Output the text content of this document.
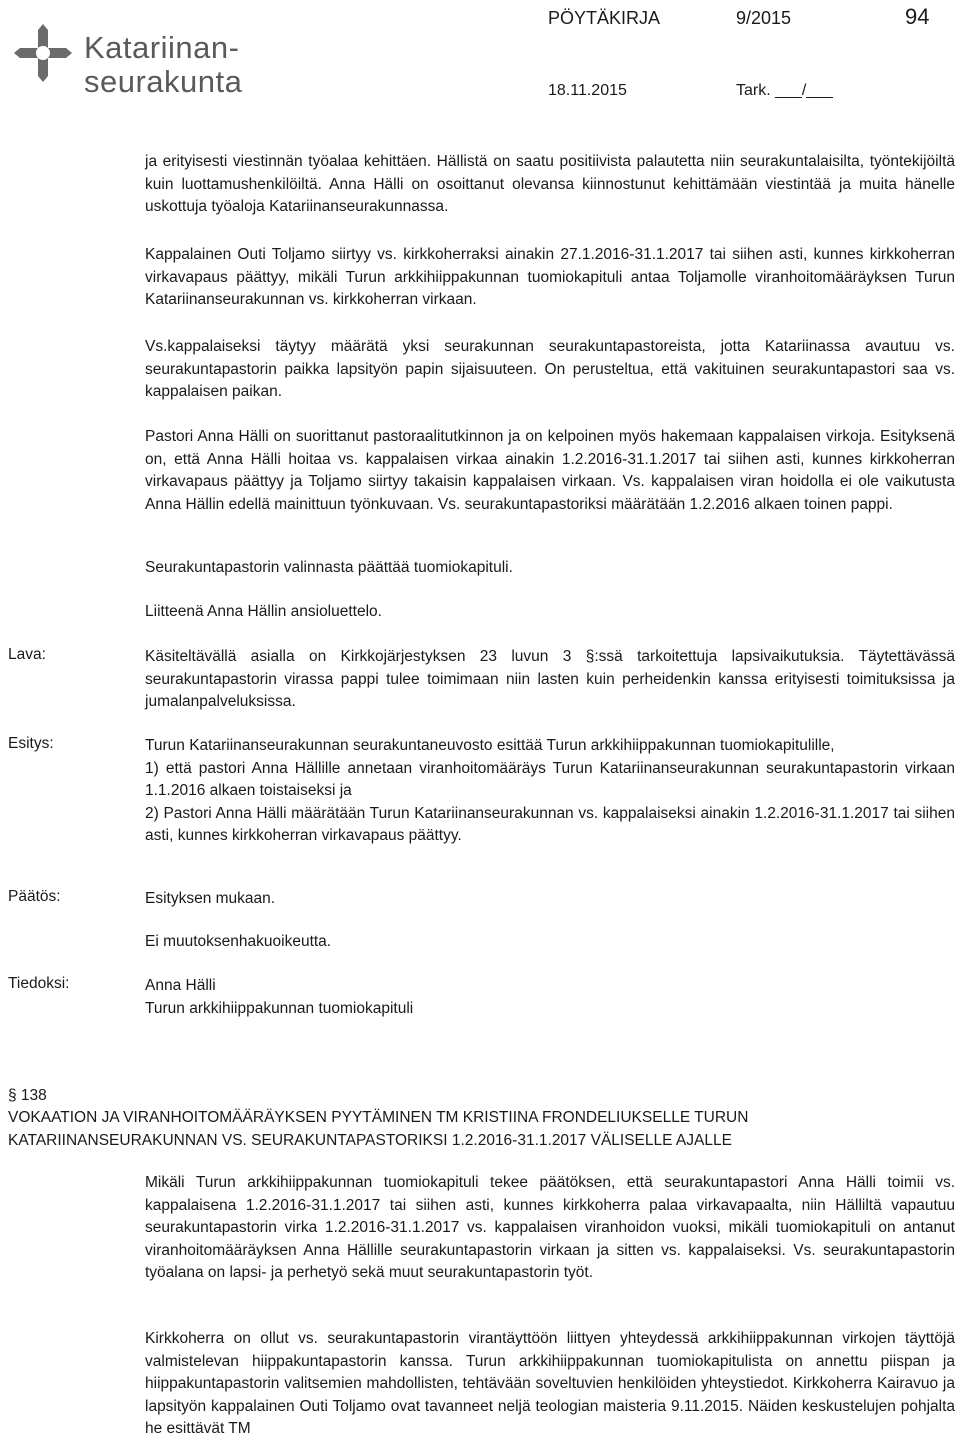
Katariinan-
seurakunta
PÖYTÄKIRJA	9/2015	94
18.11.2015	Tark. ___/___

ja erityisesti viestinnän työalaa kehittäen. Hällistä on saatu positiivista palautetta niin seurakuntalaisilta, työntekijöiltä kuin luottamushenkilöiltä. Anna Hälli on osoittanut olevansa kiinnostunut kehittämään viestintää ja muita hänelle uskottuja työaloja Katariinanseurakunnassa.

Kappalainen Outi Toljamo siirtyy vs. kirkkoherraksi ainakin 27.1.2016-31.1.2017 tai siihen asti, kunnes kirkkoherran virkavapaus päättyy, mikäli Turun arkkihiippakunnan tuomiokapituli antaa Toljamolle viranhoitomääräyksen Turun Katariinanseurakunnan vs. kirkkoherran virkaan.

Vs.kappalaiseksi täytyy määrätä yksi seurakunnan seurakuntapastoreista, jotta Katariinassa avautuu vs. seurakuntapastorin paikka lapsityön papin sijaisuuteen. On perusteltua, että vakituinen seurakuntapastori saa vs. kappalaisen paikan.

Pastori Anna Hälli on suorittanut pastoraalitutkinnon ja on kelpoinen myös hakemaan kappalaisen virkoja. Esityksenä on, että Anna Hälli hoitaa vs. kappalaisen virkaa ainakin 1.2.2016-31.1.2017 tai siihen asti, kunnes kirkkoherran virkavapaus päättyy ja Toljamo siirtyy takaisin kappalaisen virkaan. Vs. kappalaisen viran hoidolla ei ole vaikutusta Anna Hällin edellä mainittuun työnkuvaan. Vs. seurakuntapastoriksi määrätään 1.2.2016 alkaen toinen pappi.

Seurakuntapastorin valinnasta päättää tuomiokapituli.

Liitteenä Anna Hällin ansioluettelo.

Lava:	Käsiteltävällä asialla on Kirkkojärjestyksen 23 luvun 3 §:ssä tarkoitettuja lapsivaikutuksia. Täytettävässä seurakuntapastorin virassa pappi tulee toimimaan niin lasten kuin perheidenkin kanssa erityisesti toimituksissa ja jumalanpalveluksissa.

Esitys:	Turun Katariinanseurakunnan seurakuntaneuvosto esittää Turun arkkihiippakunnan tuomiokapitulille,

1) että pastori Anna Hällille annetaan viranhoitomääräys Turun Katariinanseurakunnan seurakuntapastorin virkaan 1.1.2016 alkaen toistaiseksi ja

2) Pastori Anna Hälli määrätään Turun Katariinanseurakunnan vs. kappalaiseksi ainakin 1.2.2016-31.1.2017 tai siihen asti, kunnes kirkkoherran virkavapaus päättyy.

Päätös:	Esityksen mukaan.
Ei muutoksenhakuoikeutta.
Tiedoksi:	Anna Hälli
Turun arkkihiippakunnan tuomiokapituli
§ 138
VOKAATION JA VIRANHOITOMÄÄRÄYKSEN PYYTÄMINEN TM KRISTIINA FRONDELIUKSELLE TURUN KATARIINANSEURAKUNNAN VS. SEURAKUNTAPASTORIKSI 1.2.2016-31.1.2017 VÄLISELLE AJALLE

Mikäli Turun arkkihiippakunnan tuomiokapituli tekee päätöksen, että seurakuntapastori Anna Hälli toimii vs. kappalaisena 1.2.2016-31.1.2017 tai siihen asti, kunnes kirkkoherra palaa virkavapaalta, niin Hälliltä vapautuu seurakuntapastorin virka 1.2.2016-31.1.2017 vs. kappalaisen viranhoidon vuoksi, mikäli tuomiokapituli on antanut viranhoitomääräyksen Anna Hällille seurakuntapastorin virkaan ja sitten vs. kappalaiseksi. Vs. seurakuntapastorin työalana on lapsi- ja perhetyö sekä muut seurakuntapastorin työt.

Kirkkoherra on ollut vs. seurakuntapastorin virantäyttöön liittyen yhteydessä arkkihiippakunnan virkojen täyttöjä valmistelevan hiippakuntapastorin kanssa. Turun arkkihiippakunnan tuomiokapitulista on annettu piispan ja hiippakuntapastorin valitsemien mahdollisten, tehtävään soveltuvien henkilöiden yhteystiedot. Kirkkoherra Kairavuo ja lapsityön kappalainen Outi Toljamo ovat tavanneet neljä teologian maisteria 9.11.2015. Näiden keskustelujen pohjalta he esittävät TM
